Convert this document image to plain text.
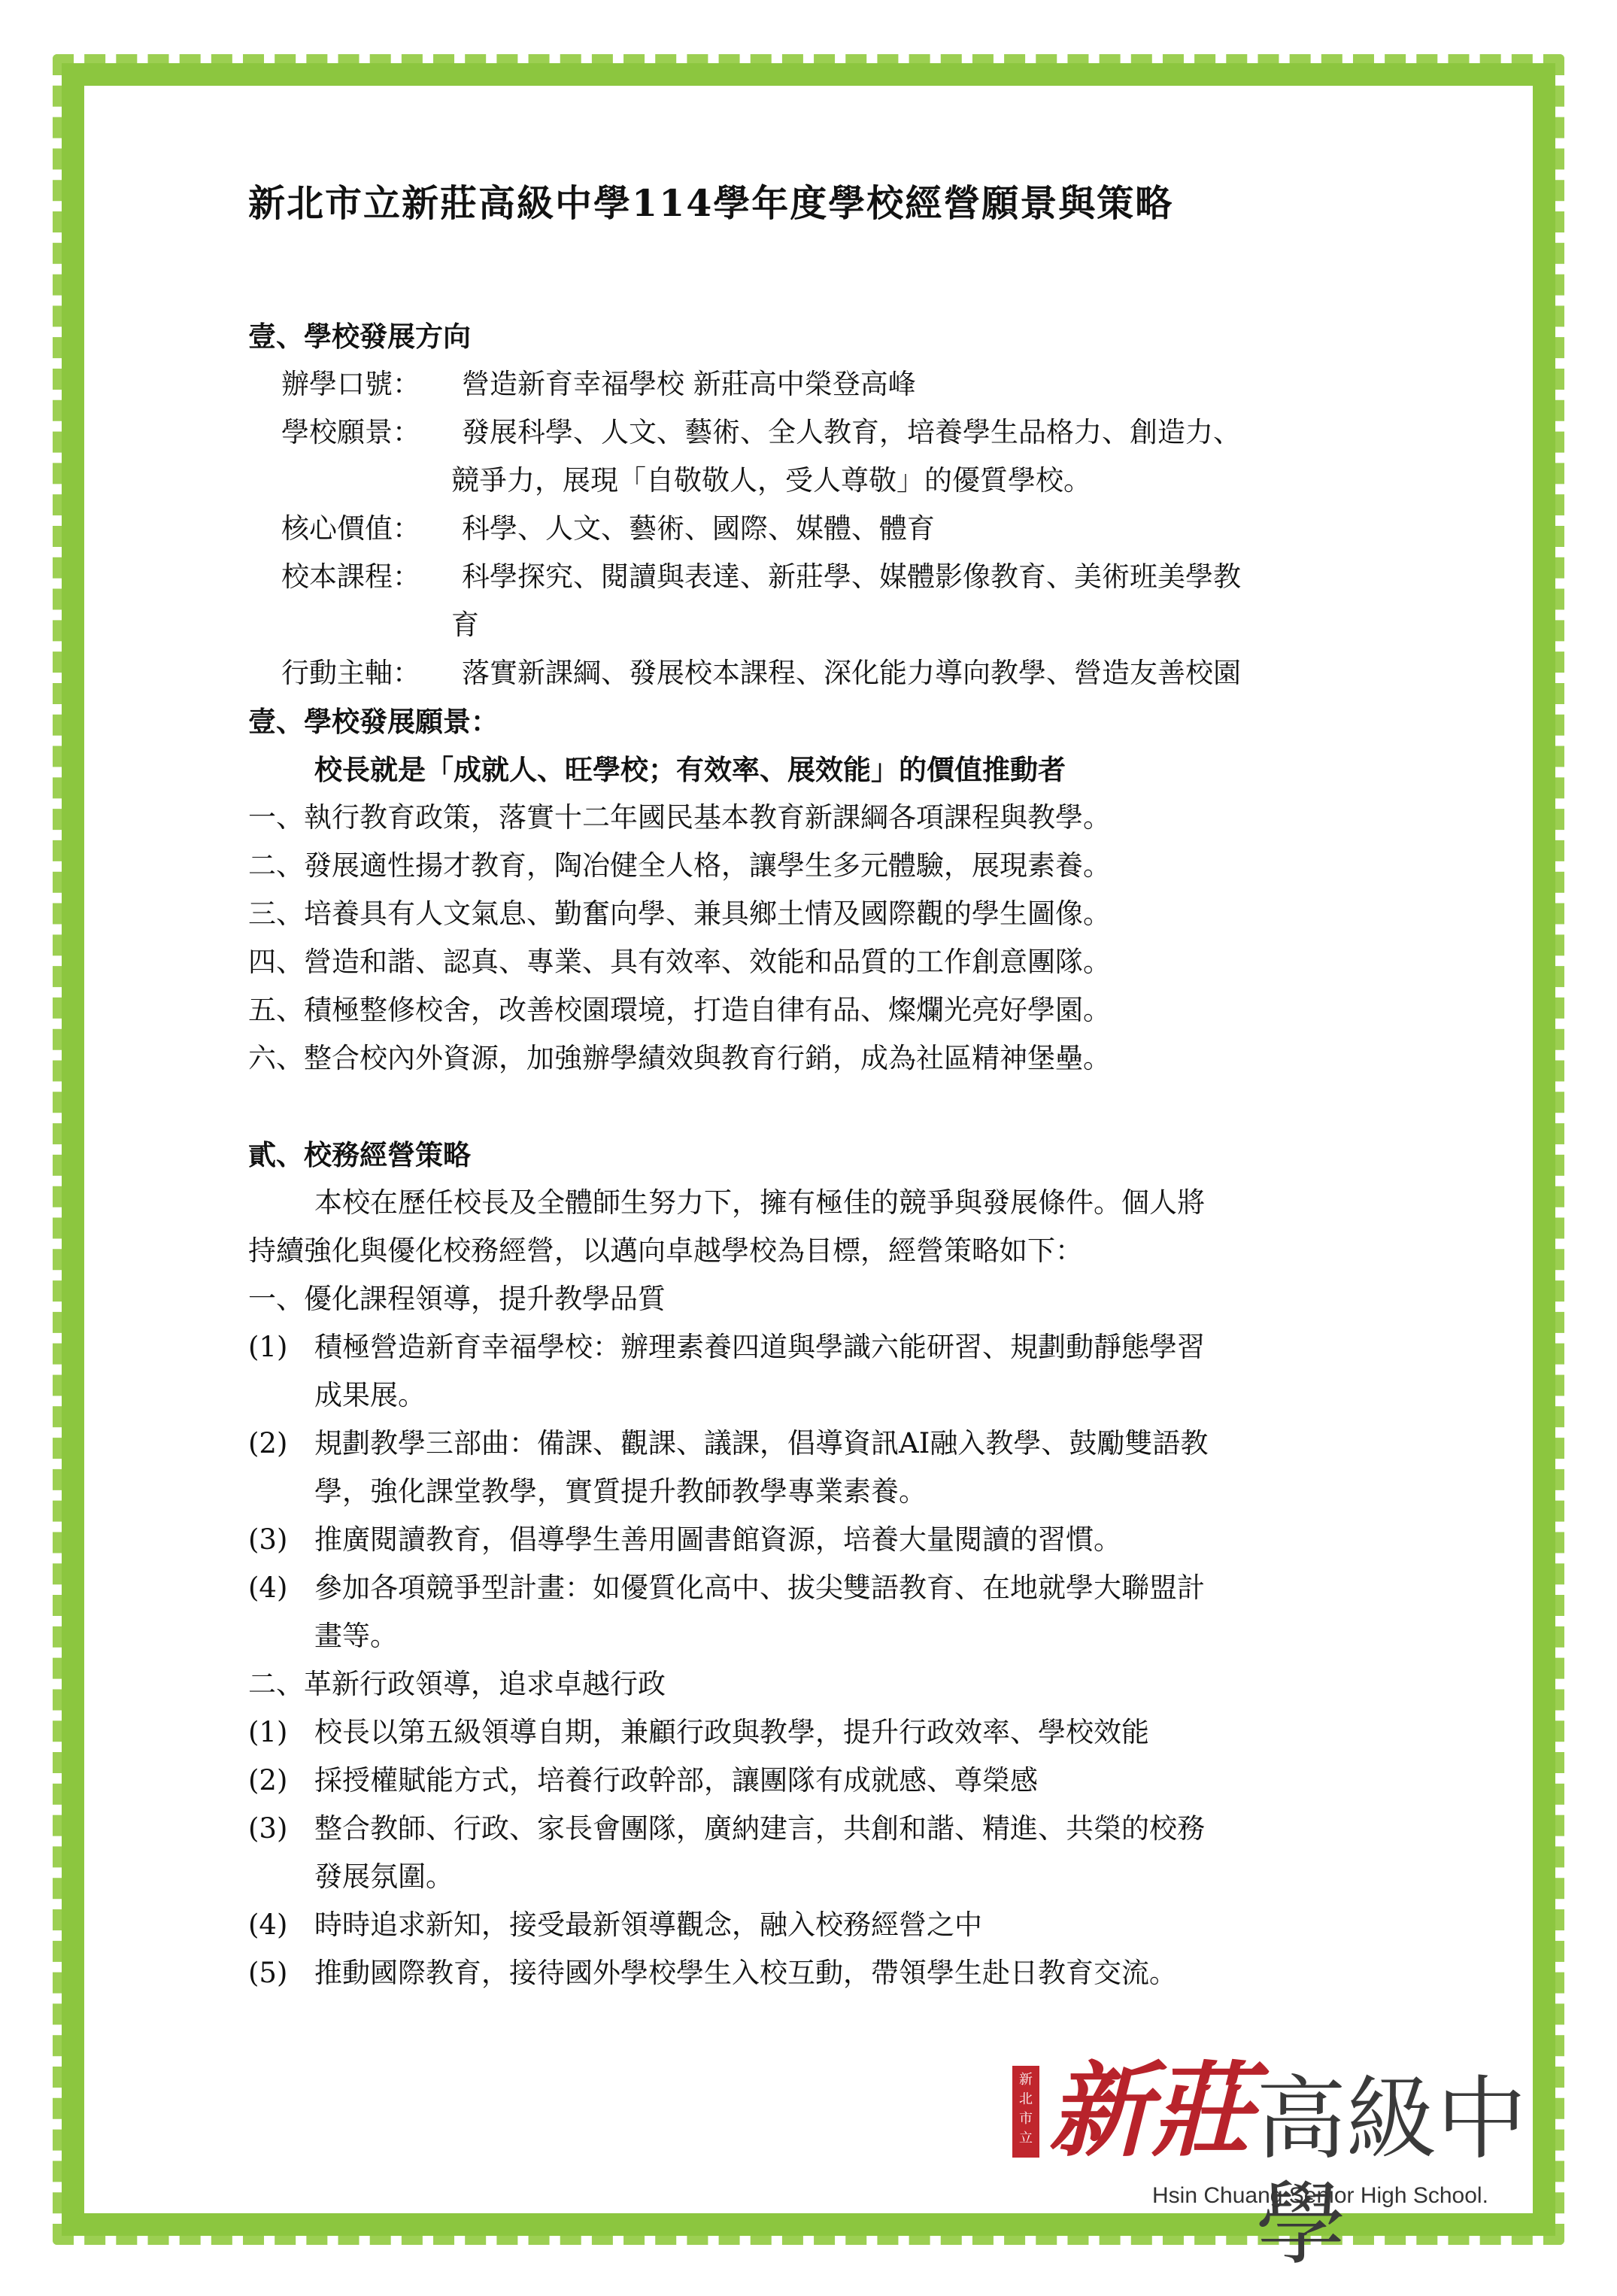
新北市立新莊高級中學114學年度學校經營願景與策略
壹、學校發展方向
辦學口號：	營造新育幸福學校 新莊高中榮登高峰
學校願景：	發展科學、人文、藝術、全人教育，培養學生品格力、創造力、
競爭力，展現「自敬敬人，受人尊敬」的優質學校。
核心價值：	科學、人文、藝術、國際、媒體、體育
校本課程：	科學探究、閱讀與表達、新莊學、媒體影像教育、美術班美學教
育
行動主軸：	落實新課綱、發展校本課程、深化能力導向教學、營造友善校園
壹、學校發展願景：
校長就是「成就人、旺學校；有效率、展效能」的價值推動者
一、執行教育政策，落實十二年國民基本教育新課綱各項課程與教學。
二、發展適性揚才教育，陶冶健全人格，讓學生多元體驗，展現素養。
三、培養具有人文氣息、勤奮向學、兼具鄉土情及國際觀的學生圖像。
四、營造和諧、認真、專業、具有效率、效能和品質的工作創意團隊。
五、積極整修校舍，改善校園環境，打造自律有品、燦爛光亮好學園。
六、整合校內外資源，加強辦學績效與教育行銷，成為社區精神堡壘。
貳、校務經營策略
本校在歷任校長及全體師生努力下，擁有極佳的競爭與發展條件。個人將
持續強化與優化校務經營，以邁向卓越學校為目標，經營策略如下：
一、優化課程領導，提升教學品質
(1) 積極營造新育幸福學校：辦理素養四道與學識六能研習、規劃動靜態學習
成果展。
(2) 規劃教學三部曲：備課、觀課、議課，倡導資訊AI融入教學、鼓勵雙語教
學，強化課堂教學，實質提升教師教學專業素養。
(3) 推廣閱讀教育，倡導學生善用圖書館資源，培養大量閱讀的習慣。
(4) 參加各項競爭型計畫：如優質化高中、拔尖雙語教育、在地就學大聯盟計
畫等。
二、革新行政領導，追求卓越行政
(1) 校長以第五級領導自期，兼顧行政與教學，提升行政效率、學校效能
(2) 採授權賦能方式，培養行政幹部，讓團隊有成就感、尊榮感
(3) 整合教師、行政、家長會團隊，廣納建言，共創和諧、精進、共榮的校務
發展氛圍。
(4) 時時追求新知，接受最新領導觀念，融入校務經營之中
(5) 推動國際教育，接待國外學校學生入校互動，帶領學生赴日教育交流。
新
北
市
立 新莊 高級中學
Hsin Chuang Senior High School.
